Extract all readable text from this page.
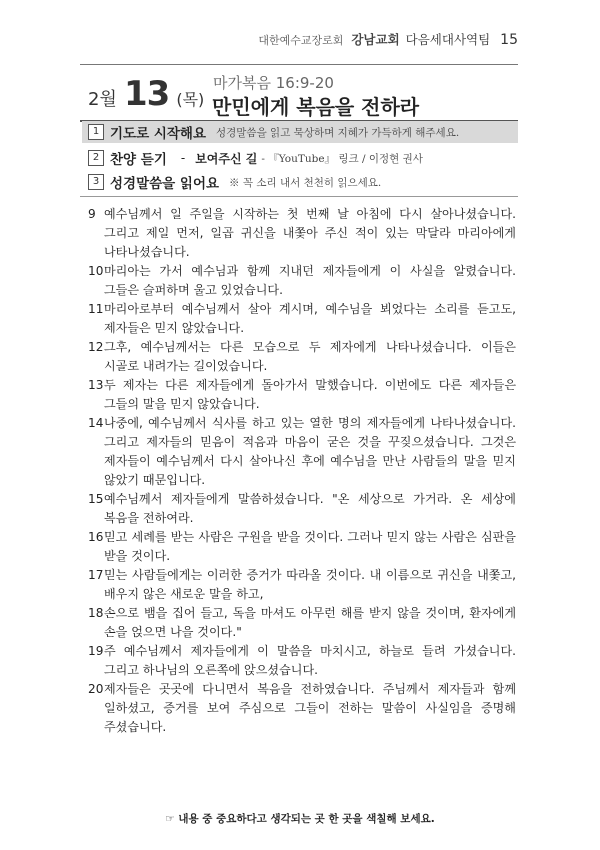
대한예수교장로회 강남교회 다음세대사역팀 15
2월 13 (목)
마가복음 16:9-20
만민에게 복음을 전하라
1 기도로 시작해요 성경말씀을 읽고 묵상하며 지혜가 가득하게 해주세요.
2 찬양 듣기 - 보여주신 길 - 『YouTube』 링크 / 이정현 권사
3 성경말씀을 읽어요 ※ 꼭 소리 내서 천천히 읽으세요.
9 예수님께서 일 주일을 시작하는 첫 번째 날 아침에 다시 살아나셨습니다. 그리고 제일 먼저, 일곱 귀신을 내쫓아 주신 적이 있는 막달라 마리아에게 나타나셨습니다.
10 마리아는 가서 예수님과 함께 지내던 제자들에게 이 사실을 알렸습니다. 그들은 슬퍼하며 울고 있었습니다.
11 마리아로부터 예수님께서 살아 계시며, 예수님을 뵈었다는 소리를 듣고도, 제자들은 믿지 않았습니다.
12 그후, 예수님께서는 다른 모습으로 두 제자에게 나타나셨습니다. 이들은 시골로 내려가는 길이었습니다.
13 두 제자는 다른 제자들에게 돌아가서 말했습니다. 이번에도 다른 제자들은 그들의 말을 믿지 않았습니다.
14 나중에, 예수님께서 식사를 하고 있는 열한 명의 제자들에게 나타나셨습니다. 그리고 제자들의 믿음이 적음과 마음이 굳은 것을 꾸짖으셨습니다. 그것은 제자들이 예수님께서 다시 살아나신 후에 예수님을 만난 사람들의 말을 믿지 않았기 때문입니다.
15 예수님께서 제자들에게 말씀하셨습니다. "온 세상으로 가거라. 온 세상에 복음을 전하여라.
16 믿고 세례를 받는 사람은 구원을 받을 것이다. 그러나 믿지 않는 사람은 심판을 받을 것이다.
17 믿는 사람들에게는 이러한 증거가 따라올 것이다. 내 이름으로 귀신을 내쫓고, 배우지 않은 새로운 말을 하고,
18 손으로 뱀을 집어 들고, 독을 마셔도 아무런 해를 받지 않을 것이며, 환자에게 손을 얹으면 나을 것이다."
19 주 예수님께서 제자들에게 이 말씀을 마치시고, 하늘로 들려 가셨습니다. 그리고 하나님의 오른쪽에 앉으셨습니다.
20 제자들은 곳곳에 다니면서 복음을 전하였습니다. 주님께서 제자들과 함께 일하셨고, 증거를 보여 주심으로 그들이 전하는 말씀이 사실임을 증명해 주셨습니다.
☞ 내용 중 중요하다고 생각되는 곳 한 곳을 색칠해 보세요.
